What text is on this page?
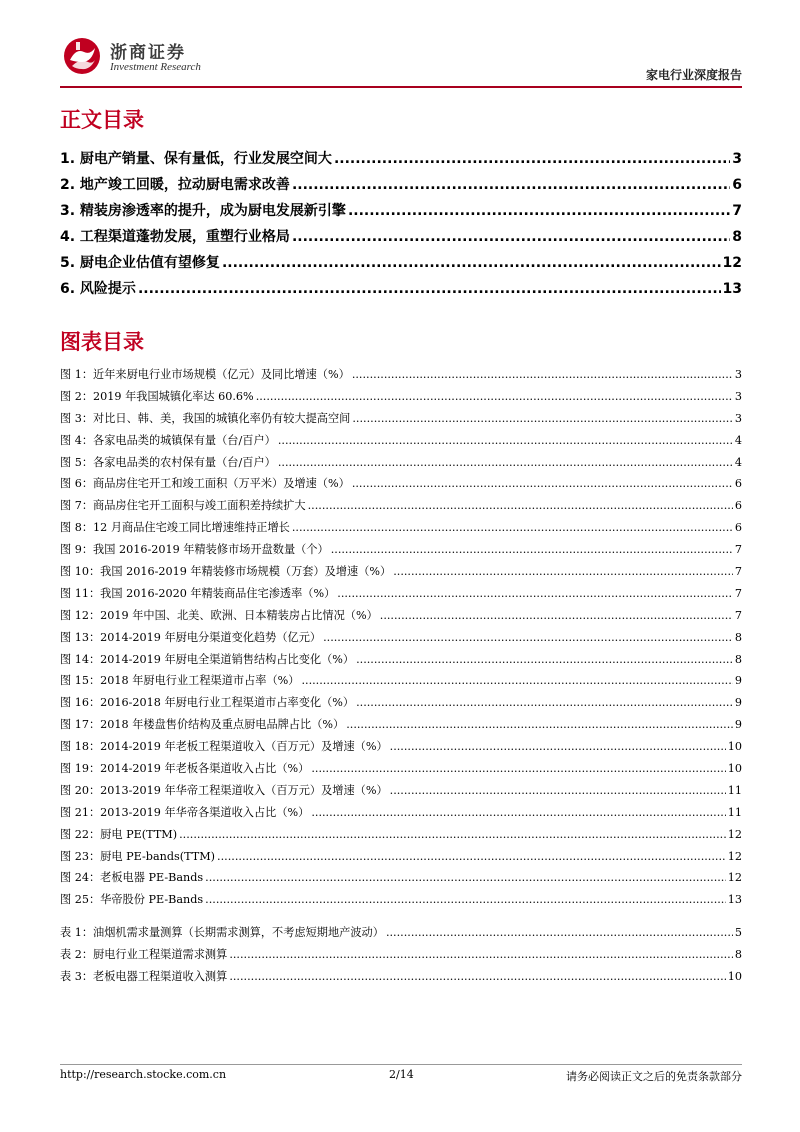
浙商证券
Investment Research
家电行业深度报告
正文目录
1. 厨电产销量、保有量低，行业发展空间大 .....	3
2. 地产竣工回暖，拉动厨电需求改善 .....	6
3. 精装房渗透率的提升，成为厨电发展新引擎 .....	7
4. 工程渠道蓬勃发展，重塑行业格局 .....	8
5. 厨电企业估值有望修复 .....	12
6. 风险提示 .....	13
图表目录
图 1：近年来厨电行业市场规模（亿元）及同比增速（%） .....	3
图 2：2019 年我国城镇化率达 60.6% .....	3
图 3：对比日、韩、美，我国的城镇化率仍有较大提高空间 .....	3
图 4：各家电品类的城镇保有量（台/百户） .....	4
图 5：各家电品类的农村保有量（台/百户） .....	4
图 6：商品房住宅开工和竣工面积（万平米）及增速（%） .....	6
图 7：商品房住宅开工面积与竣工面积差持续扩大 .....	6
图 8：12 月商品住宅竣工同比增速维持正增长 .....	6
图 9：我国 2016-2019 年精装修市场开盘数量（个） .....	7
图 10：我国 2016-2019 年精装修市场规模（万套）及增速（%） .....	7
图 11：我国 2016-2020 年精装商品住宅渗透率（%） .....	7
图 12：2019 年中国、北美、欧洲、日本精装房占比情况（%） .....	7
图 13：2014-2019 年厨电分渠道变化趋势（亿元） .....	8
图 14：2014-2019 年厨电全渠道销售结构占比变化（%） .....	8
图 15：2018 年厨电行业工程渠道市占率（%） .....	9
图 16：2016-2018 年厨电行业工程渠道市占率变化（%） .....	9
图 17：2018 年楼盘售价结构及重点厨电品牌占比（%） .....	9
图 18：2014-2019 年老板工程渠道收入（百万元）及增速（%） .....	10
图 19：2014-2019 年老板各渠道收入占比（%） .....	10
图 20：2013-2019 年华帝工程渠道收入（百万元）及增速（%） .....	11
图 21：2013-2019 年华帝各渠道收入占比（%） .....	11
图 22：厨电 PE(TTM) .....	12
图 23：厨电 PE-bands(TTM) .....	12
图 24：老板电器 PE-Bands .....	12
图 25：华帝股份 PE-Bands .....	13
表 1：油烟机需求量测算（长期需求测算，不考虑短期地产波动） .....	5
表 2：厨电行业工程渠道需求测算 .....	8
表 3：老板电器工程渠道收入测算 .....	10
http://research.stocke.com.cn	2/14	请务必阅读正文之后的免责条款部分
